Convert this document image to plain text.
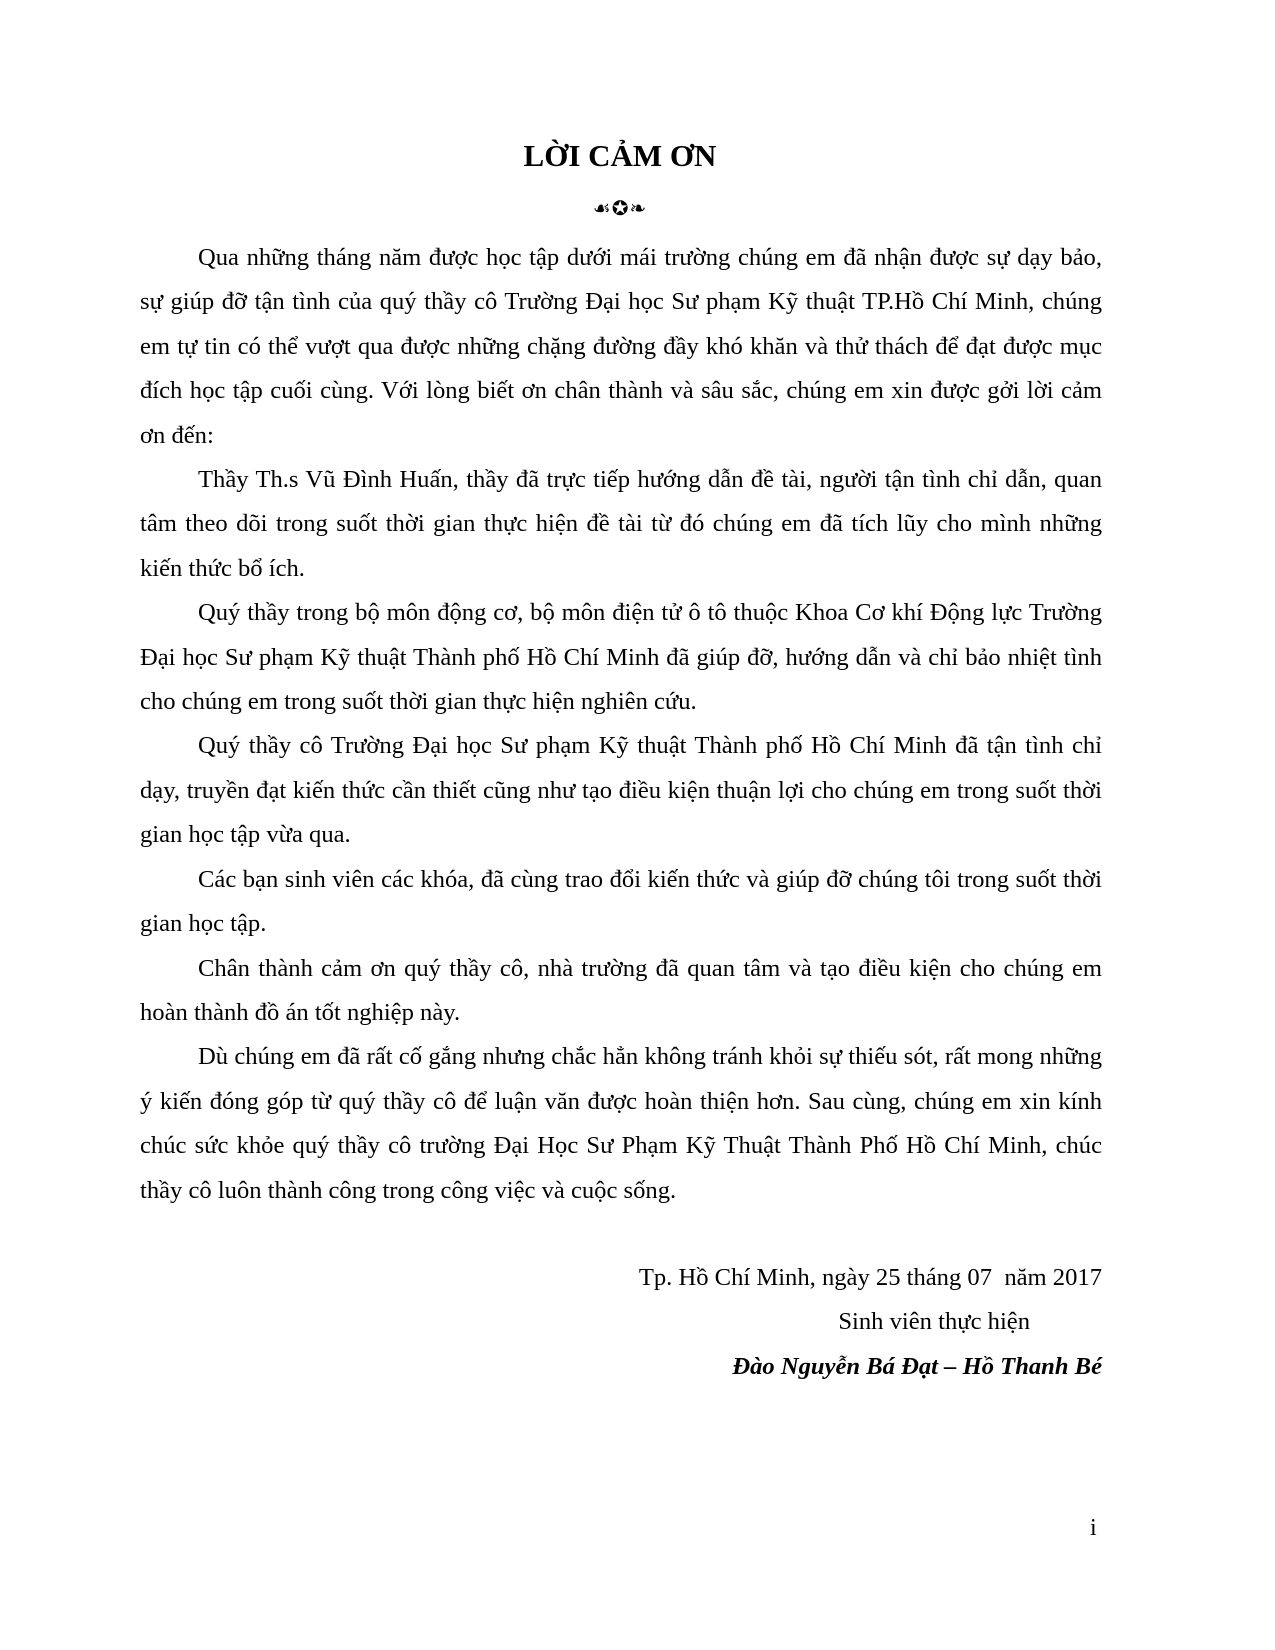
LỜI CẢM ƠN
☙✪❧

Qua những tháng năm được học tập dưới mái trường chúng em đã nhận được sự dạy bảo, sự giúp đỡ tận tình của quý thầy cô Trường Đại học Sư phạm Kỹ thuật TP.Hồ Chí Minh, chúng em tự tin có thể vượt qua được những chặng đường đầy khó khăn và thử thách để đạt được mục đích học tập cuối cùng. Với lòng biết ơn chân thành và sâu sắc, chúng em xin được gởi lời cảm ơn đến:

Thầy Th.s Vũ Đình Huấn, thầy đã trực tiếp hướng dẫn đề tài, người tận tình chỉ dẫn, quan tâm theo dõi trong suốt thời gian thực hiện đề tài từ đó chúng em đã tích lũy cho mình những kiến thức bổ ích.

Quý thầy trong bộ môn động cơ, bộ môn điện tử ô tô thuộc Khoa Cơ khí Động lực Trường Đại học Sư phạm Kỹ thuật Thành phố Hồ Chí Minh đã giúp đỡ, hướng dẫn và chỉ bảo nhiệt tình cho chúng em trong suốt thời gian thực hiện nghiên cứu.

Quý thầy cô Trường Đại học Sư phạm Kỹ thuật Thành phố Hồ Chí Minh đã tận tình chỉ dạy, truyền đạt kiến thức cần thiết cũng như tạo điều kiện thuận lợi cho chúng em trong suốt thời gian học tập vừa qua.

Các bạn sinh viên các khóa, đã cùng trao đổi kiến thức và giúp đỡ chúng tôi trong suốt thời gian học tập.

Chân thành cảm ơn quý thầy cô, nhà trường đã quan tâm và tạo điều kiện cho chúng em hoàn thành đồ án tốt nghiệp này.

Dù chúng em đã rất cố gắng nhưng chắc hẳn không tránh khỏi sự thiếu sót, rất mong những ý kiến đóng góp từ quý thầy cô để luận văn được hoàn thiện hơn. Sau cùng, chúng em xin kính chúc sức khỏe quý thầy cô trường Đại Học Sư Phạm Kỹ Thuật Thành Phố Hồ Chí Minh, chúc thầy cô luôn thành công trong công việc và cuộc sống.

Tp. Hồ Chí Minh, ngày 25 tháng 07  năm 2017
Sinh viên thực hiện
Đào Nguyễn Bá Đạt – Hồ Thanh Bé
i
